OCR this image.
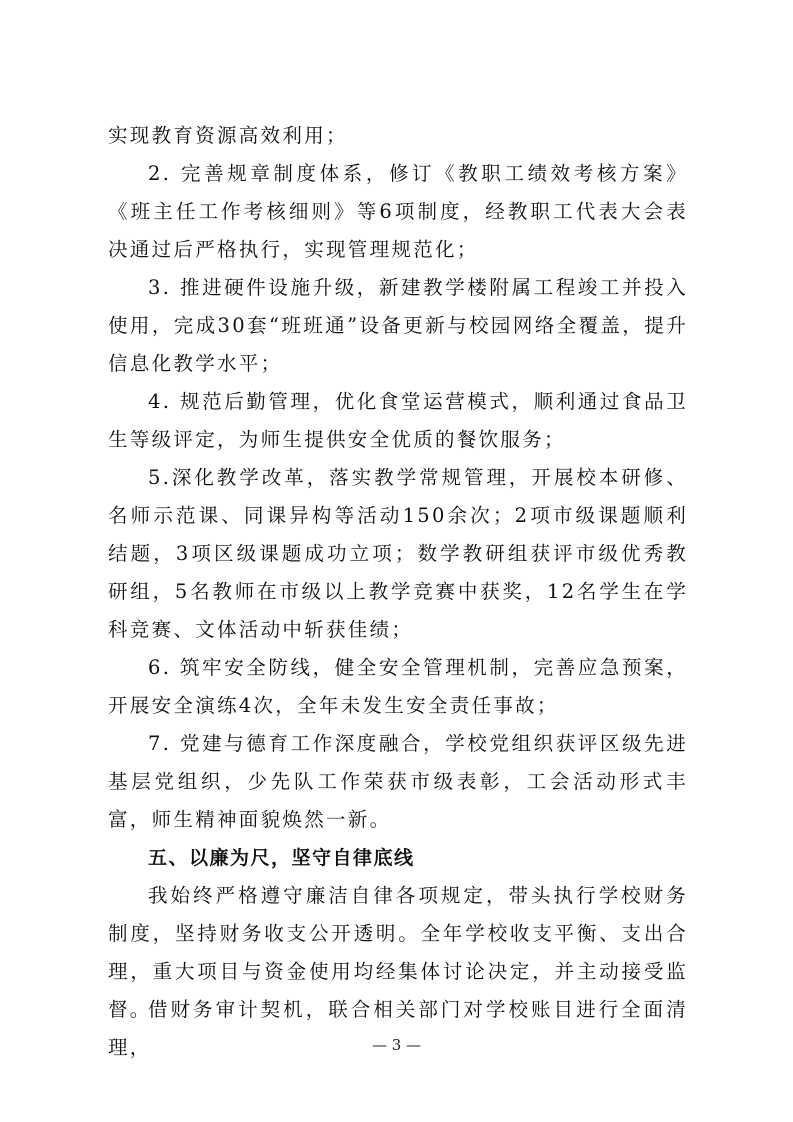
实现教育资源高效利用；

2. 完善规章制度体系，修订《教职工绩效考核方案》《班主任工作考核细则》等6项制度，经教职工代表大会表决通过后严格执行，实现管理规范化；

3. 推进硬件设施升级，新建教学楼附属工程竣工并投入使用，完成30套“班班通”设备更新与校园网络全覆盖，提升信息化教学水平；

4. 规范后勤管理，优化食堂运营模式，顺利通过食品卫生等级评定，为师生提供安全优质的餐饮服务；

5.深化教学改革，落实教学常规管理，开展校本研修、名师示范课、同课异构等活动150余次；2项市级课题顺利结题，3项区级课题成功立项；数学教研组获评市级优秀教研组，5名教师在市级以上教学竞赛中获奖，12名学生在学科竞赛、文体活动中斩获佳绩；

6. 筑牢安全防线，健全安全管理机制，完善应急预案，开展安全演练4次，全年未发生安全责任事故；

7. 党建与德育工作深度融合，学校党组织获评区级先进基层党组织，少先队工作荣获市级表彰，工会活动形式丰富，师生精神面貌焕然一新。

五、以廉为尺，坚守自律底线

我始终严格遵守廉洁自律各项规定，带头执行学校财务制度，坚持财务收支公开透明。全年学校收支平衡、支出合理，重大项目与资金使用均经集体讨论决定，并主动接受监督。

借财务审计契机，联合相关部门对学校账目进行全面清理，	— 3 —
